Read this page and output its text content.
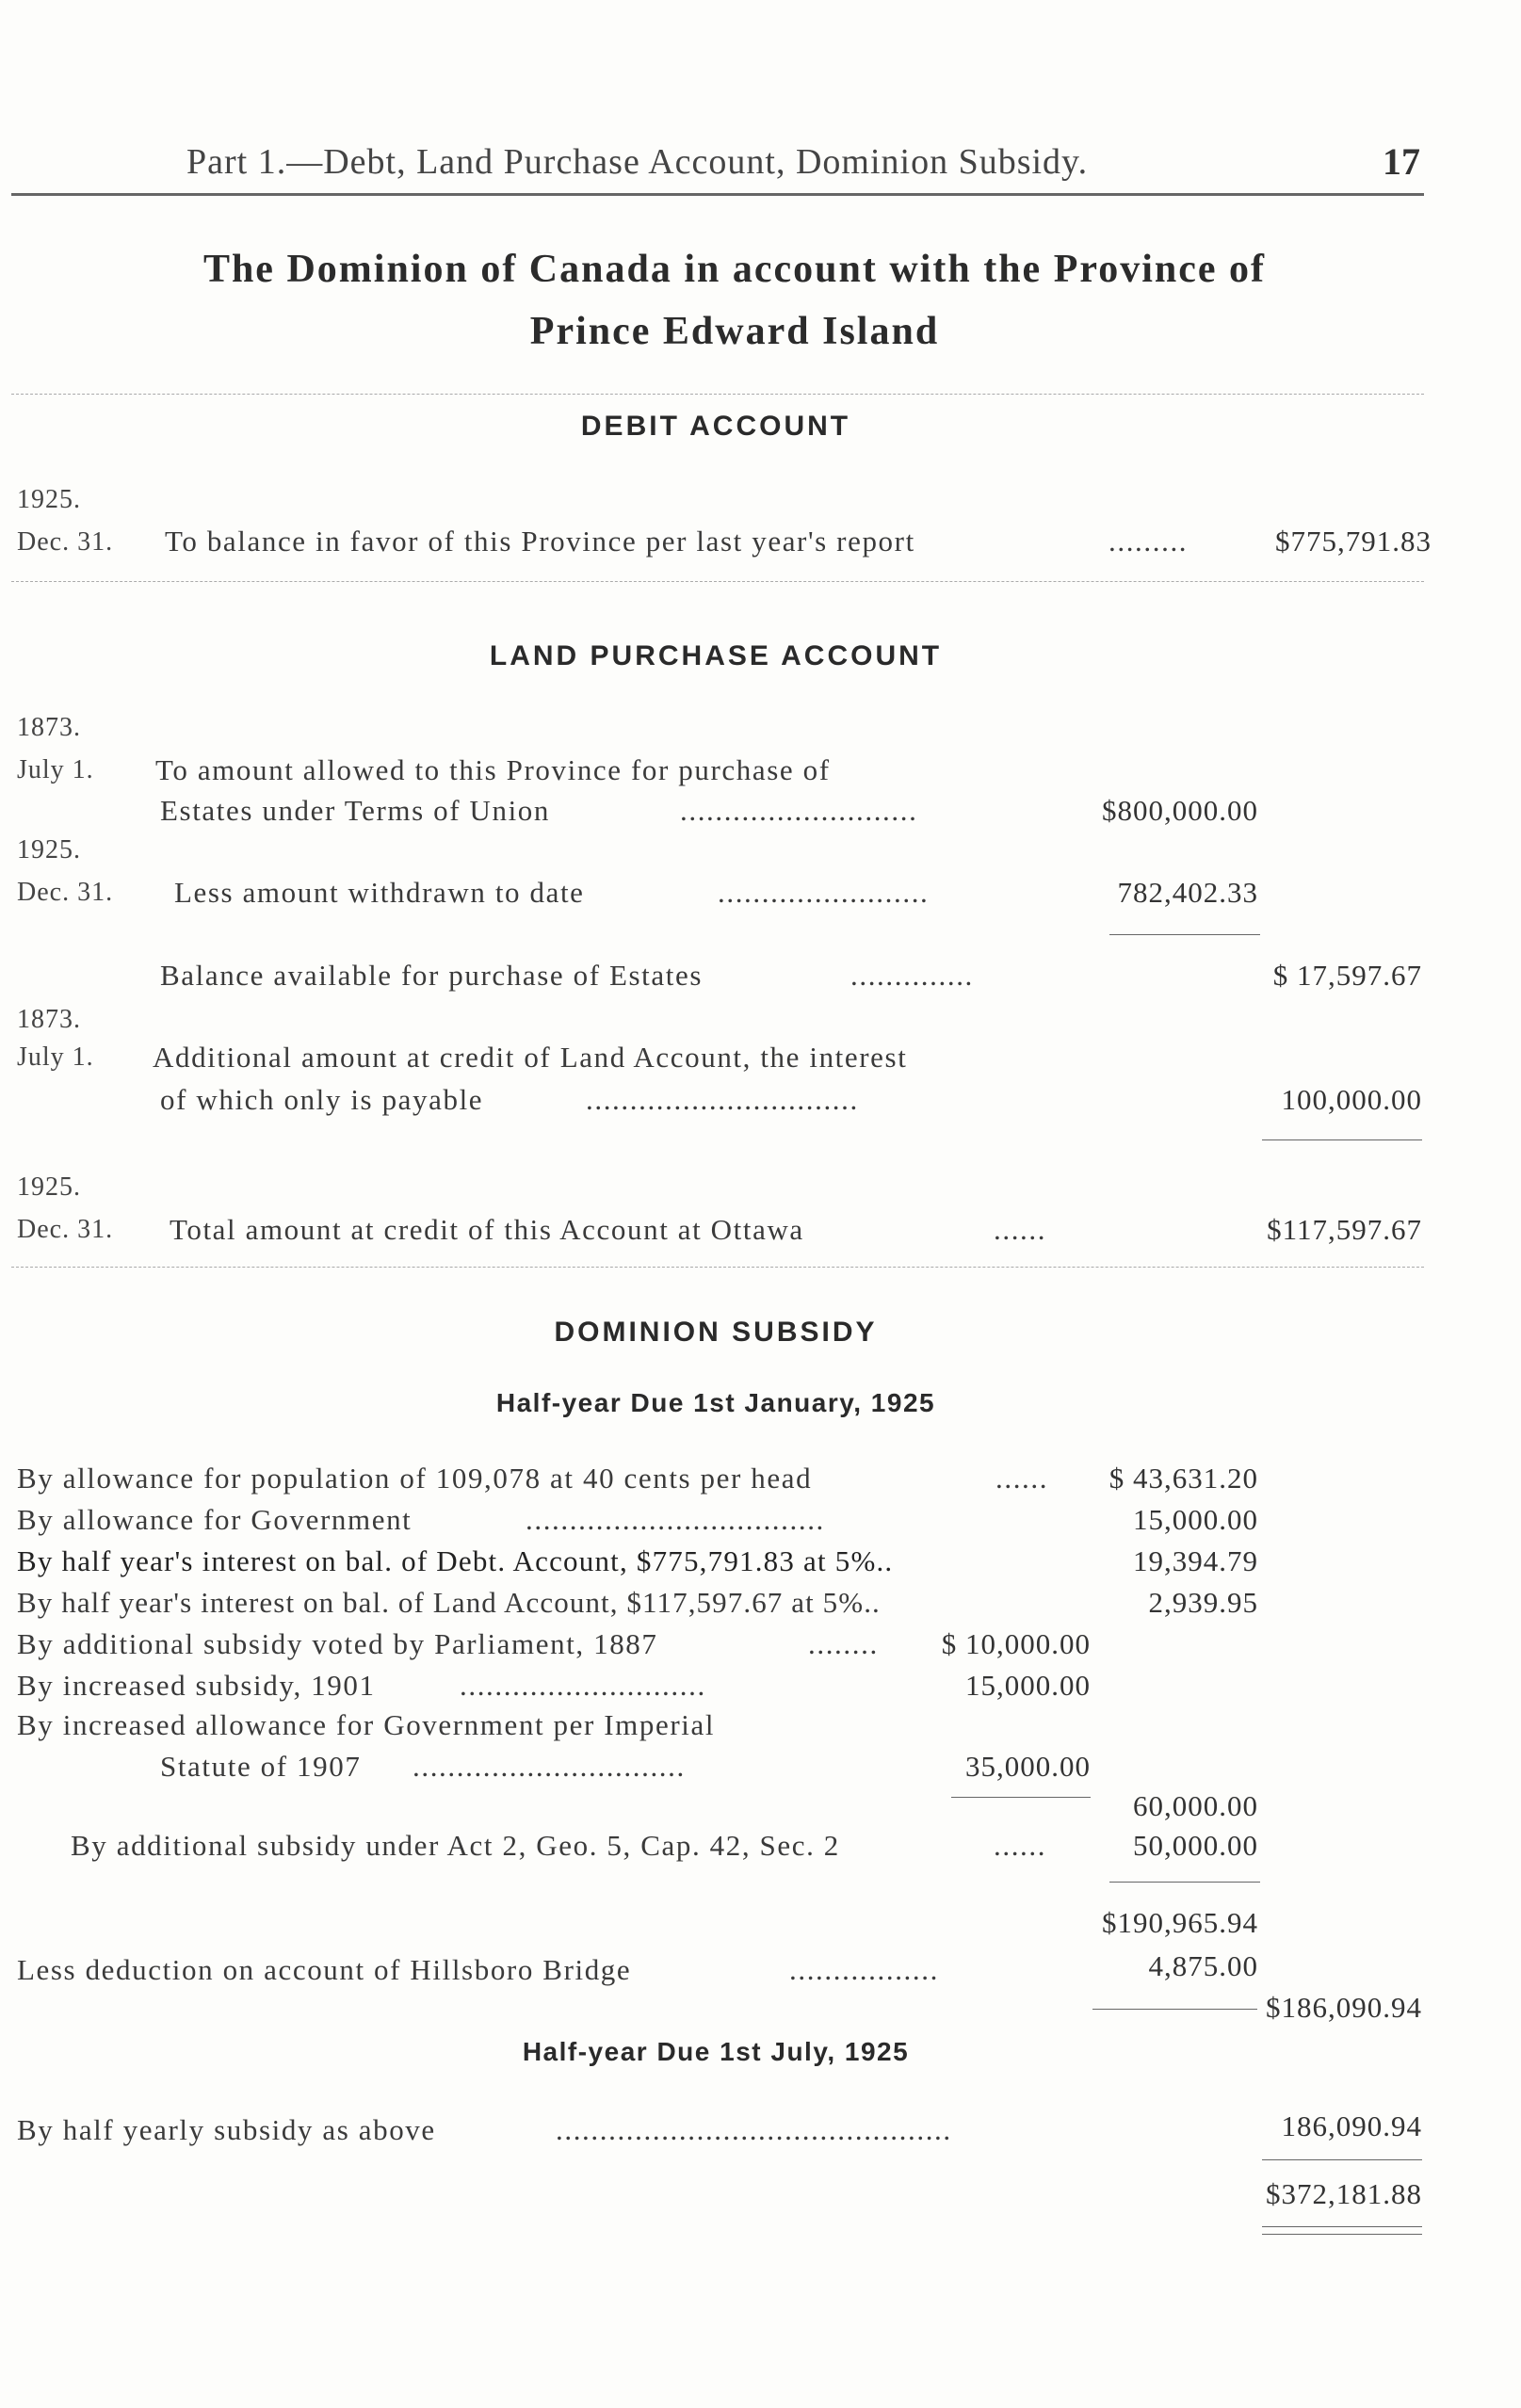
Part 1.—Debt, Land Purchase Account, Dominion Subsidy.	17
The Dominion of Canada in account with the Province of
Prince Edward Island
DEBIT ACCOUNT
1925.
Dec. 31. To balance in favor of this Province per last year's report	.........	$775,791.83
LAND PURCHASE ACCOUNT
1873.
July 1. To amount allowed to this Province for purchase of
Estates under Terms of Union	...........................	$800,000.00
1925.
Dec. 31. Less amount withdrawn to date	........................	782,402.33
Balance available for purchase of Estates	..............	$ 17,597.67
1873.
July 1. Additional amount at credit of Land Account, the interest
of which only is payable	...............................	100,000.00
1925.
Dec. 31. Total amount at credit of this Account at Ottawa	......	$117,597.67
DOMINION SUBSIDY
Half-year Due 1st January, 1925
By allowance for population of 109,078 at 40 cents per head	......	$ 43,631.20
By allowance for Government	..................................	15,000.00
By half year's interest on bal. of Debt. Account, $775,791.83 at 5%..	19,394.79
By half year's interest on bal. of Land Account, $117,597.67 at 5%..	2,939.95
By additional subsidy voted by Parliament, 1887	........	$ 10,000.00
By increased subsidy, 1901	............................	15,000.00
By increased allowance for Government per Imperial
Statute of 1907 ...............................	35,000.00
60,000.00
By additional subsidy under Act 2, Geo. 5, Cap. 42, Sec. 2	......	50,000.00
$190,965.94
Less deduction on account of Hillsboro Bridge	.................	4,875.00
$186,090.94
Half-year Due 1st July, 1925
By half yearly subsidy as above	.............................................	186,090.94
$372,181.88
